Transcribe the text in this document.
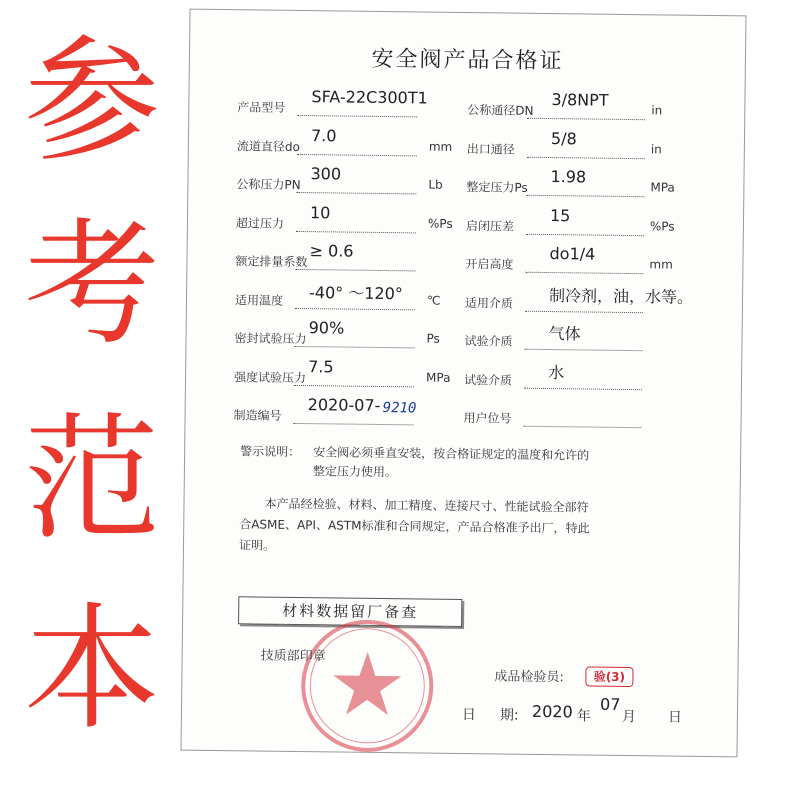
参
考
范
本
安全阀产品合格证
产品型号 SFA-22C300T1
公称通径DN
3/8NPT
in
流道直径do
7.0
mm 出口通径
5/8
in
公称压力PN
300
Lb 整定压力Ps
1.98
MPa
超过压力
10
%Ps 启闭压差
15
%Ps
额定排量系数
≥ 0.6
开启高度
do1/4
mm
适用温度 -40° ～120° ℃ 适用介质 制冷剂，油，水等。
密封试验压力
90%
Ps 试验介质 气体
强度试验压力
7.5
MPa 试验介质 水
制造编号
2020-07- 9210
用户位号
警示说明： 安全阀必须垂直安装，按合格证规定的温度和允许的
整定压力使用。
本产品经检验、材料、加工精度、连接尺寸、性能试验全部符
合ASME、API、ASTM标准和合同规定，产品合格准予出厂，特此
证明。
材料数据留厂备查
技质部印章
成品检验员:	验(3)
日 期: 2020 年
07
月 日
